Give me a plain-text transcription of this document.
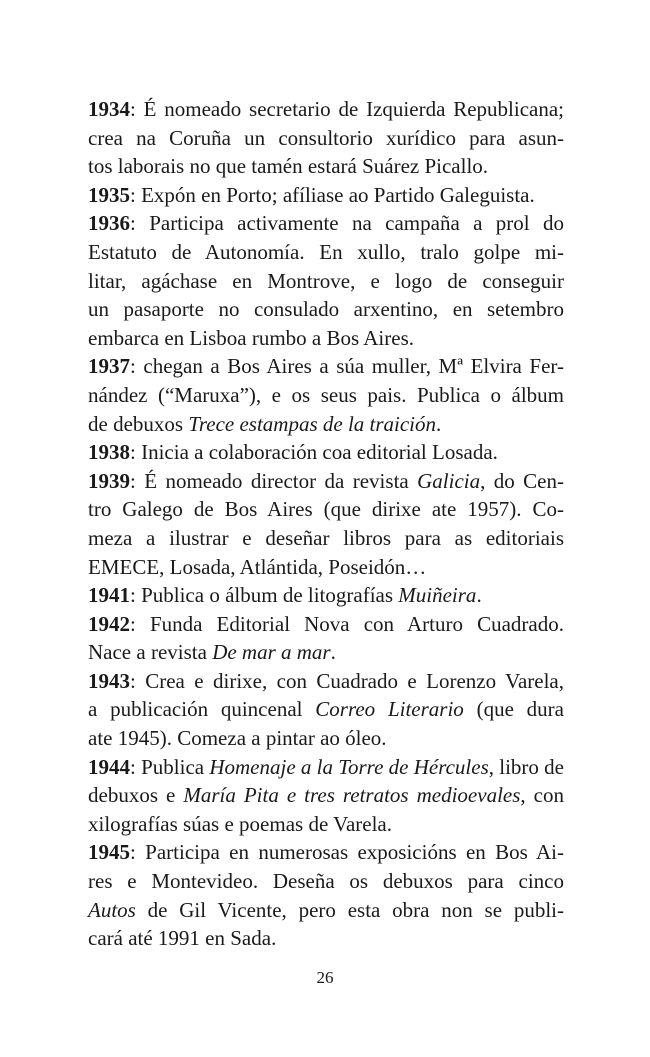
1934: É nomeado secretario de Izquierda Republicana;
crea na Coruña un consultorio xurídico para asun-
tos laborais no que tamén estará Suárez Picallo.
1935: Expón en Porto; afíliase ao Partido Galeguista.
1936: Participa activamente na campaña a prol do
Estatuto de Autonomía. En xullo, tralo golpe mi-
litar, agáchase en Montrove, e logo de conseguir
un pasaporte no consulado arxentino, en setembro
embarca en Lisboa rumbo a Bos Aires.
1937: chegan a Bos Aires a súa muller, Mª Elvira Fer-
nández (“Maruxa”), e os seus pais. Publica o álbum
de debuxos Trece estampas de la traición.
1938: Inicia a colaboración coa editorial Losada.
1939: É nomeado director da revista Galicia, do Cen-
tro Galego de Bos Aires (que dirixe ate 1957). Co-
meza a ilustrar e deseñar libros para as editoriais
EMECE, Losada, Atlántida, Poseidón…
1941: Publica o álbum de litografías Muiñeira.
1942: Funda Editorial Nova con Arturo Cuadrado.
Nace a revista De mar a mar.
1943: Crea e dirixe, con Cuadrado e Lorenzo Varela,
a publicación quincenal Correo Literario (que dura
ate 1945). Comeza a pintar ao óleo.
1944: Publica Homenaje a la Torre de Hércules, libro de
debuxos e María Pita e tres retratos medioevales, con
xilografías súas e poemas de Varela.
1945: Participa en numerosas exposicións en Bos Ai-
res e Montevideo. Deseña os debuxos para cinco
Autos de Gil Vicente, pero esta obra non se publi-
cará até 1991 en Sada.
26
